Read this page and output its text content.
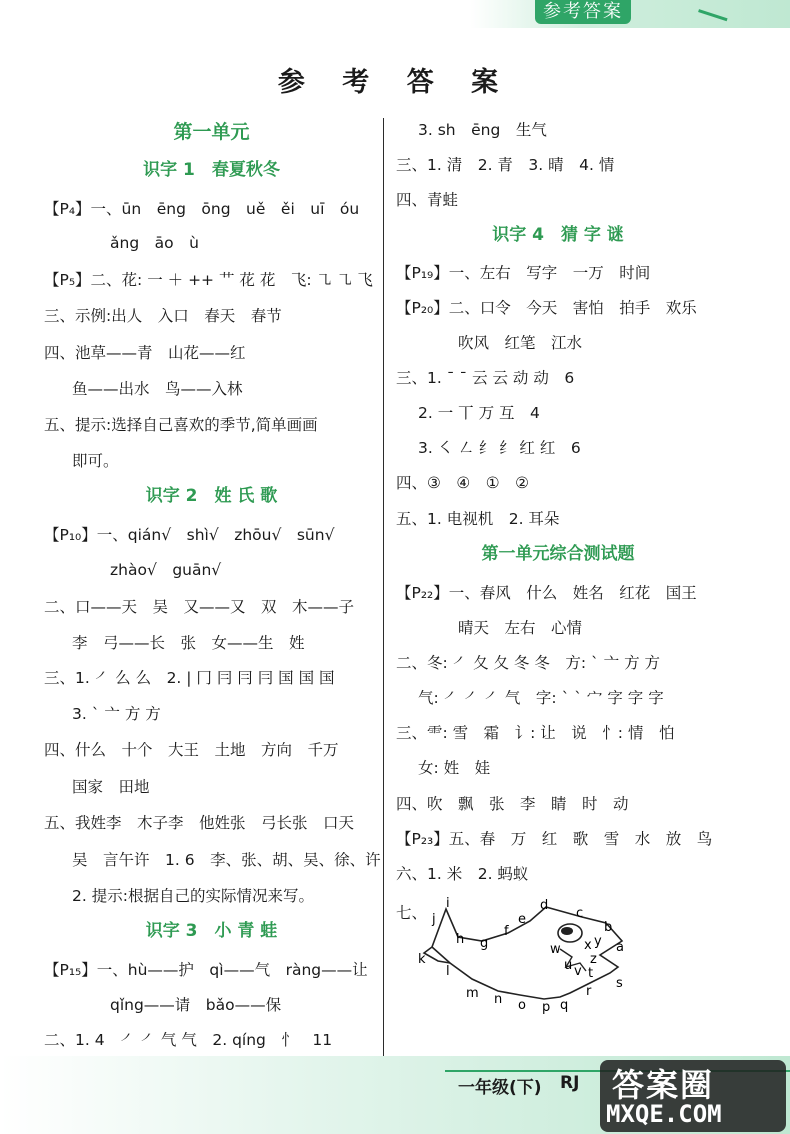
参考答案
参 考 答 案
第一单元
识字 1　春夏秋冬
【P₄】一、ūn　ēng　ōng　uě　ěi　uī　óu
ǎng　āo　ù
【P₅】二、花: 一 ＋ ++ 艹 花 花　飞: ㇈ ㇈ 飞
三、示例:出人　入口　春天　春节
四、池草——青　山花——红
鱼——出水　鸟——入林
五、提示:选择自己喜欢的季节,简单画画
即可。
识字 2　姓 氏 歌
【P₁₀】一、qián√　shì√　zhōu√　sūn√
zhào√　guān√
二、口——天　吴　又——又　双　木——子
李　弓——长　张　女——生　姓
三、1. ㇒ 么 么　2. | 冂 冃 冃 冃 国 国 国
3. ˋ 亠 方 方
四、什么　十个　大王　土地　方向　千万
国家　田地
五、我姓李　木子李　他姓张　弓长张　口天
吴　言午许　1. 6　李、张、胡、吴、徐、许
2. 提示:根据自己的实际情况来写。
识字 3　小 青 蛙
【P₁₅】一、hù——护　qì——气　ràng——让
qǐng——请　bǎo——保
二、1. 4　㇒ ㇒ 气 气　2. qíng　忄　11
3. sh　ēng　生气
三、1. 清　2. 青　3. 晴　4. 情
四、青蛙
识字 4　猜 字 谜
【P₁₉】一、左右　写字　一万　时间
【P₂₀】二、口令　今天　害怕　拍手　欢乐
吹风　红笔　江水
三、1. ˉ ˉ 云 云 动 动　6
2. 一 丅 万 互　4
3. ㇛ ㇜ 纟 纟 红 红　6
四、③　④　①　②
五、1. 电视机　2. 耳朵
第一单元综合测试题
【P₂₂】一、春风　什么　姓名　红花　国王
晴天　左右　心情
二、冬: ㇒ 夂 夂 冬 冬　方: ˋ 亠 方 方
气: ㇒ ㇒ ㇒ 气　字: ˋ ˋ 宀 字 字 字
三、⻗: 雪　霜　讠: 让　说　忄: 情　怕
女: 姓　娃
四、吹　飘　张　李　睛　时　动
【P₂₃】五、春　万　红　歌　雪　水　放　鸟
六、1. 米　2. 蚂蚁
七、
a
b
c
d
e
f
g
h
i
j
k
l
m n o p q
r
s
t
u v
w x y
z
一年级(下) RJ 答案圈
MXQE.COM
